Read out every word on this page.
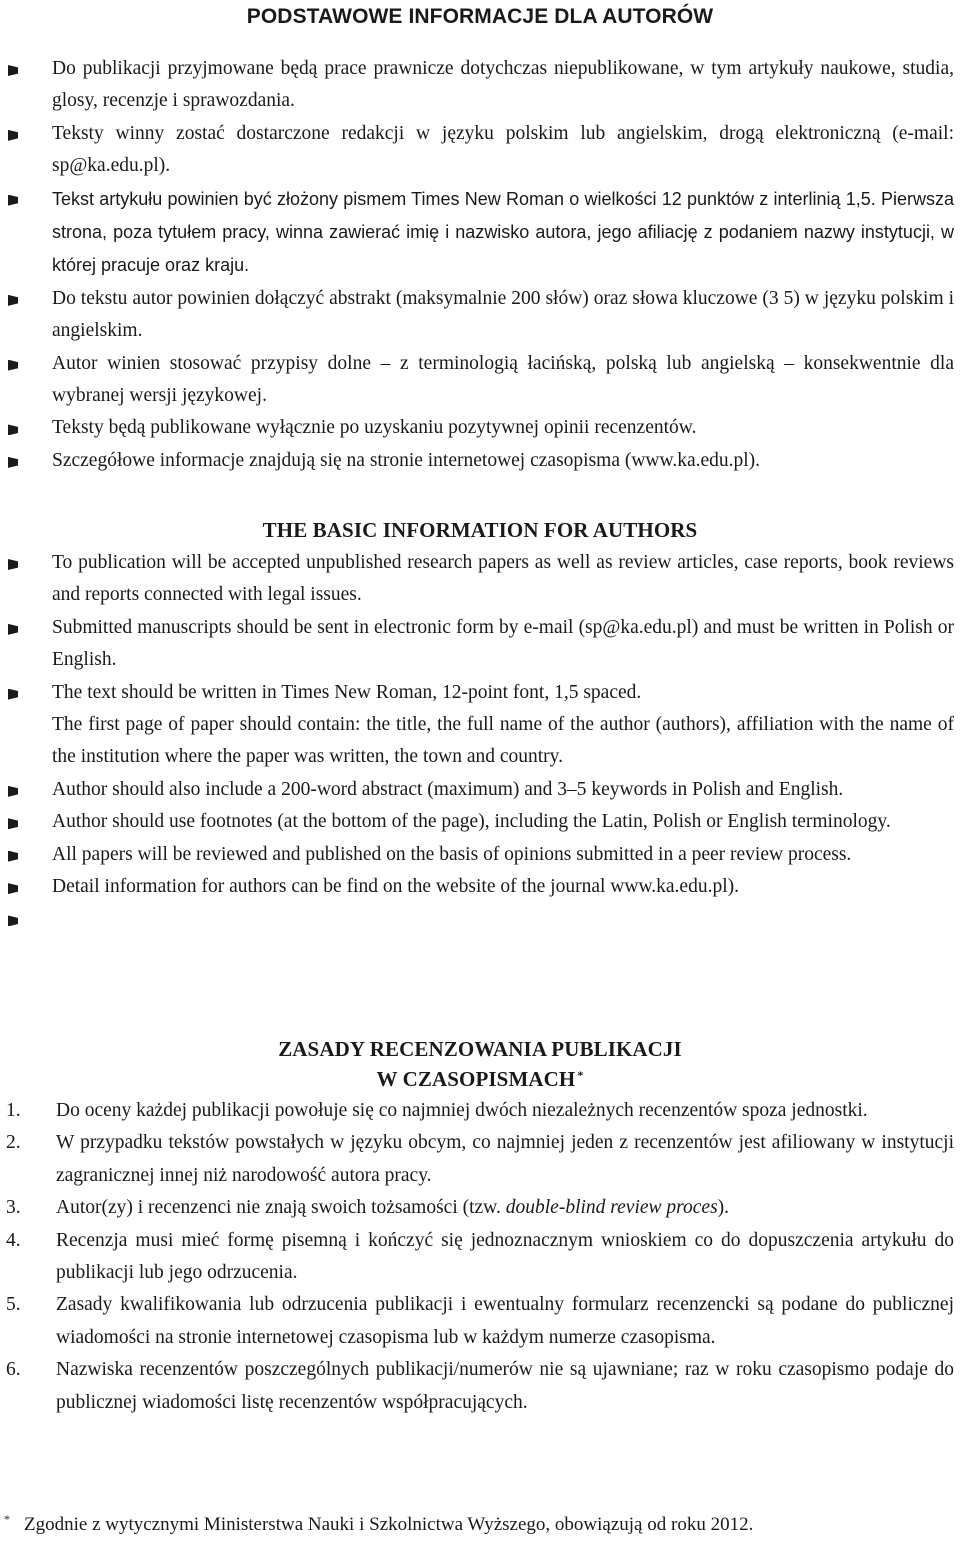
PODSTAWOWE INFORMACJE DLA AUTORÓW
Do publikacji przyjmowane będą prace prawnicze dotychczas niepublikowane, w tym artykuły naukowe, studia, glosy, recenzje i sprawozdania.
Teksty winny zostać dostarczone redakcji w języku polskim lub angielskim, drogą elektroniczną (e-mail: sp@ka.edu.pl).
Tekst artykułu powinien być złożony pismem Times New Roman o wielkości 12 punktów z interlinią 1,5. Pierwsza strona, poza tytułem pracy, winna zawierać imię i nazwisko autora, jego afiliację z podaniem nazwy instytucji, w której pracuje oraz kraju.
Do tekstu autor powinien dołączyć abstrakt (maksymalnie 200 słów) oraz słowa kluczowe (3 5) w języku polskim i angielskim.
Autor winien stosować przypisy dolne – z terminologią łacińską, polską lub angielską – konsekwentnie dla wybranej wersji językowej.
Teksty będą publikowane wyłącznie po uzyskaniu pozytywnej opinii recenzentów.
Szczegółowe informacje znajdują się na stronie internetowej czasopisma (www.ka.edu.pl).
THE BASIC INFORMATION FOR AUTHORS
To publication will be accepted unpublished research papers as well as review articles, case reports, book reviews and reports connected with legal issues.
Submitted manuscripts should be sent in electronic form by e-mail (sp@ka.edu.pl) and must be written in Polish or English.
The text should be written in Times New Roman, 12-point font, 1,5 spaced.
The first page of paper should contain: the title, the full name of the author (authors), affiliation with the name of the institution where the paper was written, the town and country.
Author should also include a 200-word abstract (maximum) and 3–5 keywords in Polish and English.
Author should use footnotes (at the bottom of the page), including the Latin, Polish or English terminology.
All papers will be reviewed and published on the basis of opinions submitted in a peer review process.
Detail information for authors can be find on the website of the journal www.ka.edu.pl).
ZASADY RECENZOWANIA PUBLIKACJI
W CZASOPISMACH *
1. Do oceny każdej publikacji powołuje się co najmniej dwóch niezależnych recenzentów spoza jednostki.
2. W przypadku tekstów powstałych w języku obcym, co najmniej jeden z recenzentów jest afiliowany w instytucji zagranicznej innej niż narodowość autora pracy.
3. Autor(zy) i recenzenci nie znają swoich tożsamości (tzw. double-blind review proces).
4. Recenzja musi mieć formę pisemną i kończyć się jednoznacznym wnioskiem co do dopuszczenia artykułu do publikacji lub jego odrzucenia.
5. Zasady kwalifikowania lub odrzucenia publikacji i ewentualny formularz recenzencki są podane do publicznej wiadomości na stronie internetowej czasopisma lub w każdym numerze czasopisma.
6. Nazwiska recenzentów poszczególnych publikacji/numerów nie są ujawniane; raz w roku czasopismo podaje do publicznej wiadomości listę recenzentów współpracujących.
* Zgodnie z wytycznymi Ministerstwa Nauki i Szkolnictwa Wyższego, obowiązują od roku 2012.
